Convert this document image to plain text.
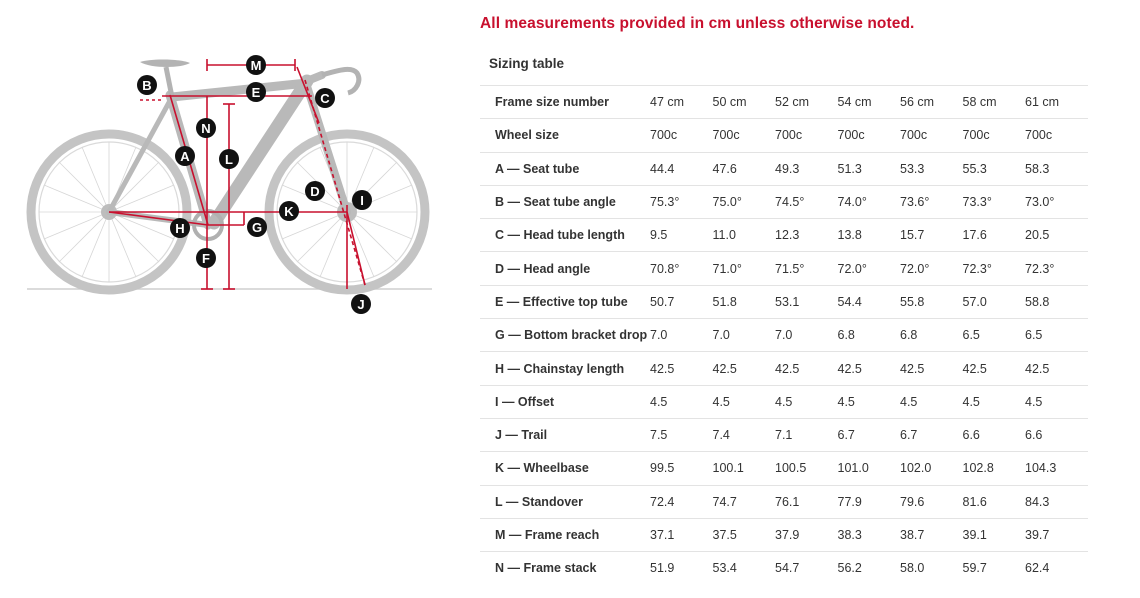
M
B	E	C
N
A	L
D
I
K
H	G
F
J
All measurements provided in cm unless otherwise noted.
Sizing table
Frame size number	47 cm	50 cm	52 cm	54 cm	56 cm	58 cm	61 cm
Wheel size	700c	700c	700c	700c	700c	700c	700c
A — Seat tube	44.4	47.6	49.3	51.3	53.3	55.3	58.3
B — Seat tube angle	75.3°	75.0°	74.5°	74.0°	73.6°	73.3°	73.0°
C — Head tube length	9.5	11.0	12.3	13.8	15.7	17.6	20.5
D — Head angle	70.8°	71.0°	71.5°	72.0°	72.0°	72.3°	72.3°
E — Effective top tube	50.7	51.8	53.1	54.4	55.8	57.0	58.8
G — Bottom bracket drop	7.0	7.0	7.0	6.8	6.8	6.5	6.5
H — Chainstay length	42.5	42.5	42.5	42.5	42.5	42.5	42.5
I — Offset	4.5	4.5	4.5	4.5	4.5	4.5	4.5
J — Trail	7.5	7.4	7.1	6.7	6.7	6.6	6.6
K — Wheelbase	99.5	100.1	100.5	101.0	102.0	102.8	104.3
L — Standover	72.4	74.7	76.1	77.9	79.6	81.6	84.3
M — Frame reach	37.1	37.5	37.9	38.3	38.7	39.1	39.7
N — Frame stack	51.9	53.4	54.7	56.2	58.0	59.7	62.4
